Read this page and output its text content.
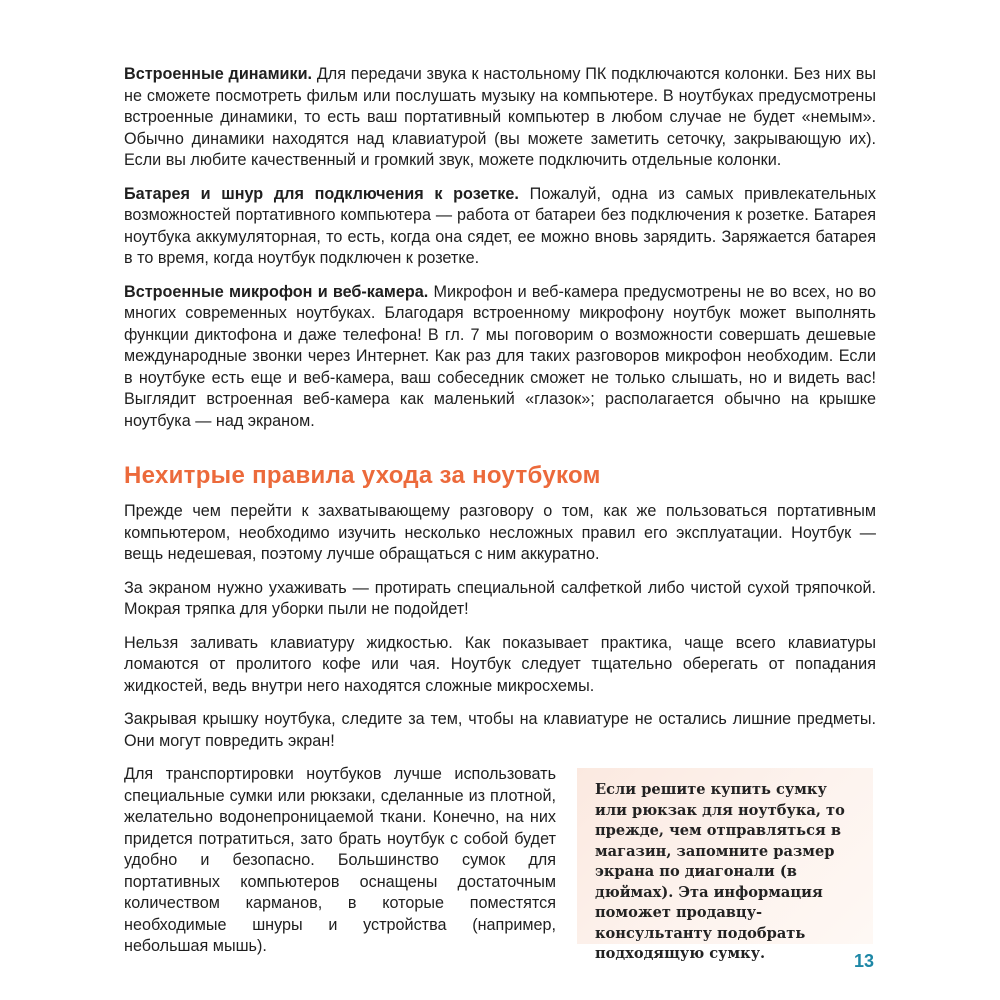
Встроенные динамики. Для передачи звука к настольному ПК подключаются колонки. Без них вы не сможете посмотреть фильм или послушать музыку на компьютере. В ноутбуках предусмотрены встроенные динамики, то есть ваш портативный компьютер в любом случае не будет «немым». Обычно динамики находятся над клавиатурой (вы можете заметить сеточку, закрывающую их). Если вы любите качественный и громкий звук, можете подключить отдельные колонки.

Батарея и шнур для подключения к розетке. Пожалуй, одна из самых привлекательных возможностей портативного компьютера — работа от батареи без подключения к розетке. Батарея ноутбука аккумуляторная, то есть, когда она сядет, ее можно вновь зарядить. Заряжается батарея в то время, когда ноутбук подключен к розетке.

Встроенные микрофон и веб-камера. Микрофон и веб-камера предусмотрены не во всех, но во многих современных ноутбуках. Благодаря встроенному микрофону ноутбук может выполнять функции диктофона и даже телефона! В гл. 7 мы поговорим о возможности совершать дешевые международные звонки через Интернет. Как раз для таких разговоров микрофон необходим. Если в ноутбуке есть еще и веб-камера, ваш собеседник сможет не только слышать, но и видеть вас! Выглядит встроенная веб-камера как маленький «глазок»; располагается обычно на крышке ноутбука — над экраном.

Нехитрые правила ухода за ноутбуком

Прежде чем перейти к захватывающему разговору о том, как же пользоваться портативным компьютером, необходимо изучить несколько несложных правил его эксплуатации. Ноутбук — вещь недешевая, поэтому лучше обращаться с ним аккуратно.

За экраном нужно ухаживать — протирать специальной салфеткой либо чистой сухой тряпочкой. Мокрая тряпка для уборки пыли не подойдет!

Нельзя заливать клавиатуру жидкостью. Как показывает практика, чаще всего клавиатуры ломаются от пролитого кофе или чая. Ноутбук следует тщательно оберегать от попадания жидкостей, ведь внутри него находятся сложные микросхемы.

Закрывая крышку ноутбука, следите за тем, чтобы на клавиатуре не остались лишние предметы. Они могут повредить экран!

Для транспортировки ноутбуков лучше использовать специальные сумки или рюкзаки, сделанные из плотной, желательно водонепроницаемой ткани. Конечно, на них придется потратиться, зато брать ноутбук с собой будет удобно и безопасно. Большинство сумок для портативных компьютеров оснащены достаточным количеством карманов, в которые поместятся необходимые шнуры и устройства (например, небольшая мышь).

Если решите купить сумку или рюкзак для ноутбука, то прежде, чем отправляться в магазин, запомните размер экрана по диагонали (в дюймах). Эта информация поможет продавцу-консультанту подобрать подходящую сумку.	13
